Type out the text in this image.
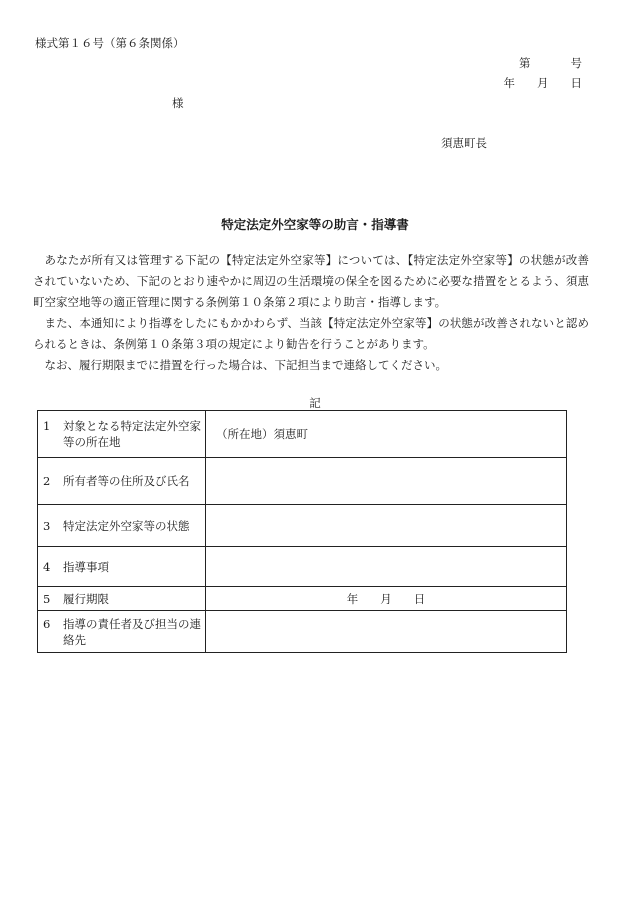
様式第１６号（第６条関係）
第	号
年 月 日
様
須恵町長
特定法定外空家等の助言・指導書

あなたが所有又は管理する下記の【特定法定外空家等】については、【特定法定外空家等】の状態が改善されていないため、下記のとおり速やかに周辺の生活環境の保全を図るために必要な措置をとるよう、須恵町空家空地等の適正管理に関する条例第１０条第２項により助言・指導します。

また、本通知により指導をしたにもかかわらず、当該【特定法定外空家等】の状態が改善されないと認められるときは、条例第１０条第３項の規定により勧告を行うことがあります。

なお、履行期限までに措置を行った場合は、下記担当まで連絡してください。

記
1 対象となる特定法定外空家等の所在地	（所在地）須恵町

2 所有者等の住所及び氏名	

3 特定法定外空家等の状態	

4 指導事項	

5 履行期限	年 月 日

6 指導の責任者及び担当の連絡先	
